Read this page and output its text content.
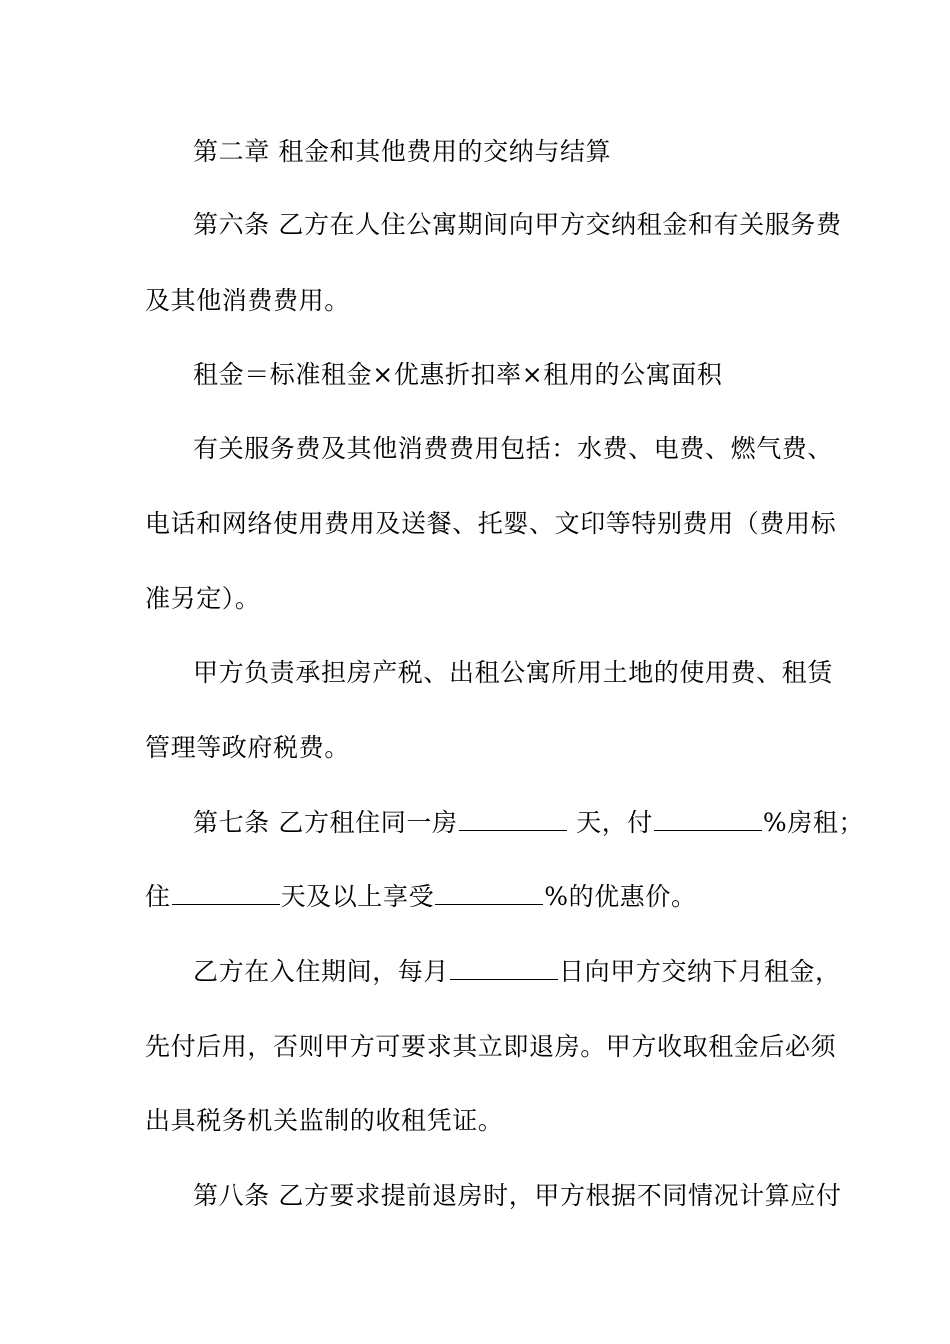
第二章 租金和其他费用的交纳与结算
第六条 乙方在人住公寓期间向甲方交纳租金和有关服务费
及其他消费费用。
租金＝标准租金×优惠折扣率×租用的公寓面积
有关服务费及其他消费费用包括：水费、电费、燃气费、
电话和网络使用费用及送餐、托婴、文印等特别费用（费用标
准另定）。
甲方负责承担房产税、出租公寓所用土地的使用费、租赁
管理等政府税费。
第七条 乙方租住同一房	天，付	%房租；
住	天及以上享受	%的优惠价。
乙方在入住期间，每月	日向甲方交纳下月租金，
先付后用，否则甲方可要求其立即退房。甲方收取租金后必须
出具税务机关监制的收租凭证。
第八条 乙方要求提前退房时，甲方根据不同情况计算应付
